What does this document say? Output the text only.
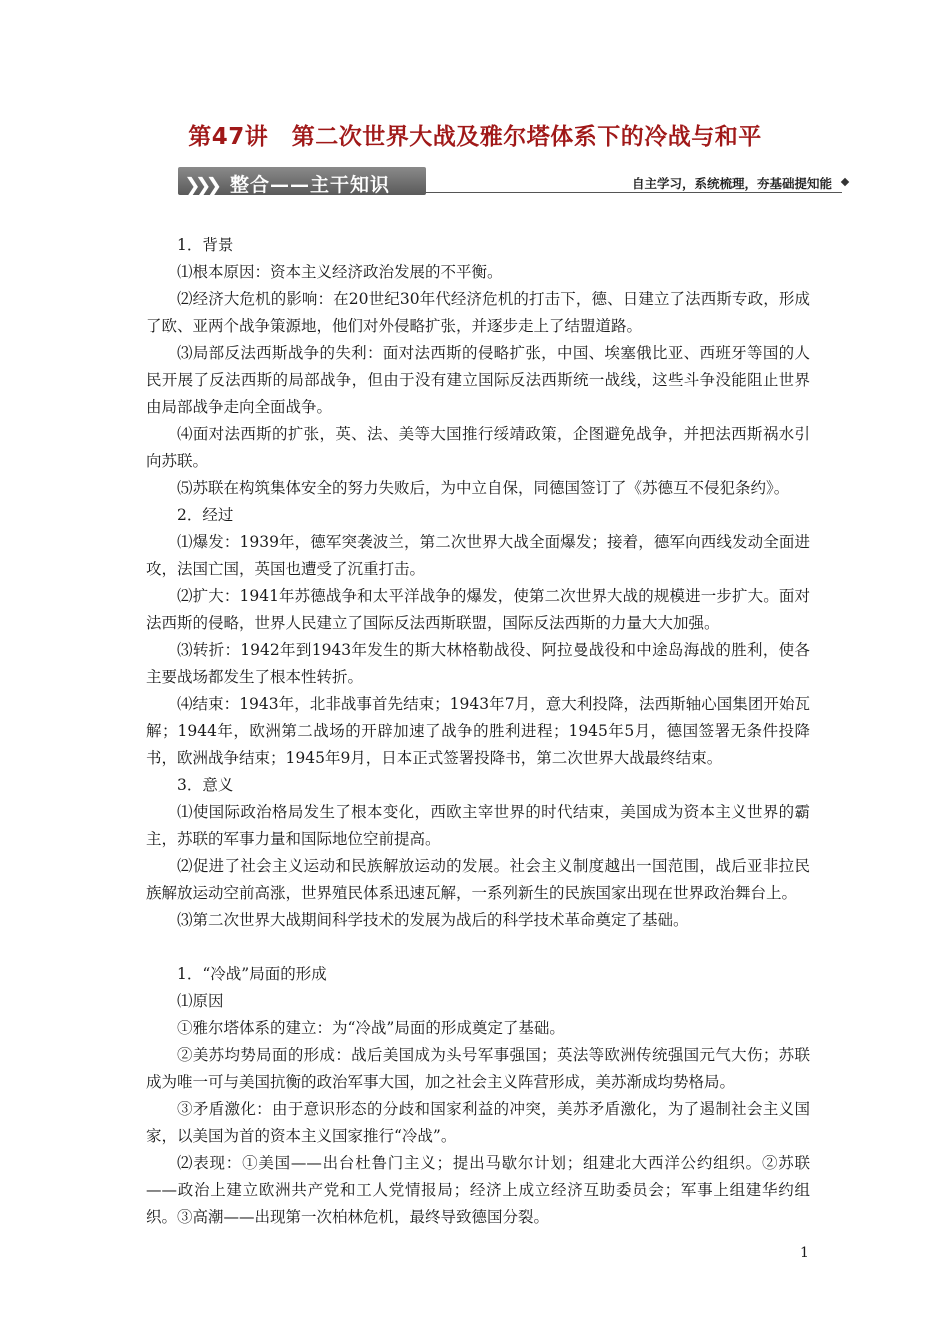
第47讲　第二次世界大战及雅尔塔体系下的冷战与和平
❯❯❯ 整合——主干知识	自主学习，系统梳理，夯基础提知能

1．背景

⑴根本原因：资本主义经济政治发展的不平衡。

⑵经济大危机的影响：在20世纪30年代经济危机的打击下，德、日建立了法西斯专政，形成了欧、亚两个战争策源地，他们对外侵略扩张，并逐步走上了结盟道路。

⑶局部反法西斯战争的失利：面对法西斯的侵略扩张，中国、埃塞俄比亚、西班牙等国的人民开展了反法西斯的局部战争，但由于没有建立国际反法西斯统一战线，这些斗争没能阻止世界由局部战争走向全面战争。

⑷面对法西斯的扩张，英、法、美等大国推行绥靖政策，企图避免战争，并把法西斯祸水引向苏联。

⑸苏联在构筑集体安全的努力失败后，为中立自保，同德国签订了《苏德互不侵犯条约》。

2．经过

⑴爆发：1939年，德军突袭波兰，第二次世界大战全面爆发；接着，德军向西线发动全面进攻，法国亡国，英国也遭受了沉重打击。

⑵扩大：1941年苏德战争和太平洋战争的爆发，使第二次世界大战的规模进一步扩大。面对法西斯的侵略，世界人民建立了国际反法西斯联盟，国际反法西斯的力量大大加强。

⑶转折：1942年到1943年发生的斯大林格勒战役、阿拉曼战役和中途岛海战的胜利，使各主要战场都发生了根本性转折。

⑷结束：1943年，北非战事首先结束；1943年7月，意大利投降，法西斯轴心国集团开始瓦解；1944年，欧洲第二战场的开辟加速了战争的胜利进程；1945年5月，德国签署无条件投降书，欧洲战争结束；1945年9月，日本正式签署投降书，第二次世界大战最终结束。

3．意义

⑴使国际政治格局发生了根本变化，西欧主宰世界的时代结束，美国成为资本主义世界的霸主，苏联的军事力量和国际地位空前提高。

⑵促进了社会主义运动和民族解放运动的发展。社会主义制度越出一国范围，战后亚非拉民族解放运动空前高涨，世界殖民体系迅速瓦解，一系列新生的民族国家出现在世界政治舞台上。

⑶第二次世界大战期间科学技术的发展为战后的科学技术革命奠定了基础。

1．“冷战”局面的形成

⑴原因

①雅尔塔体系的建立：为“冷战”局面的形成奠定了基础。

②美苏均势局面的形成：战后美国成为头号军事强国；英法等欧洲传统强国元气大伤；苏联成为唯一可与美国抗衡的政治军事大国，加之社会主义阵营形成，美苏渐成均势格局。

③矛盾激化：由于意识形态的分歧和国家利益的冲突，美苏矛盾激化，为了遏制社会主义国家，以美国为首的资本主义国家推行“冷战”。

⑵表现：①美国——出台杜鲁门主义；提出马歇尔计划；组建北大西洋公约组织。②苏联——政治上建立欧洲共产党和工人党情报局；经济上成立经济互助委员会；军事上组建华约组织。③高潮——出现第一次柏林危机，最终导致德国分裂。

1
